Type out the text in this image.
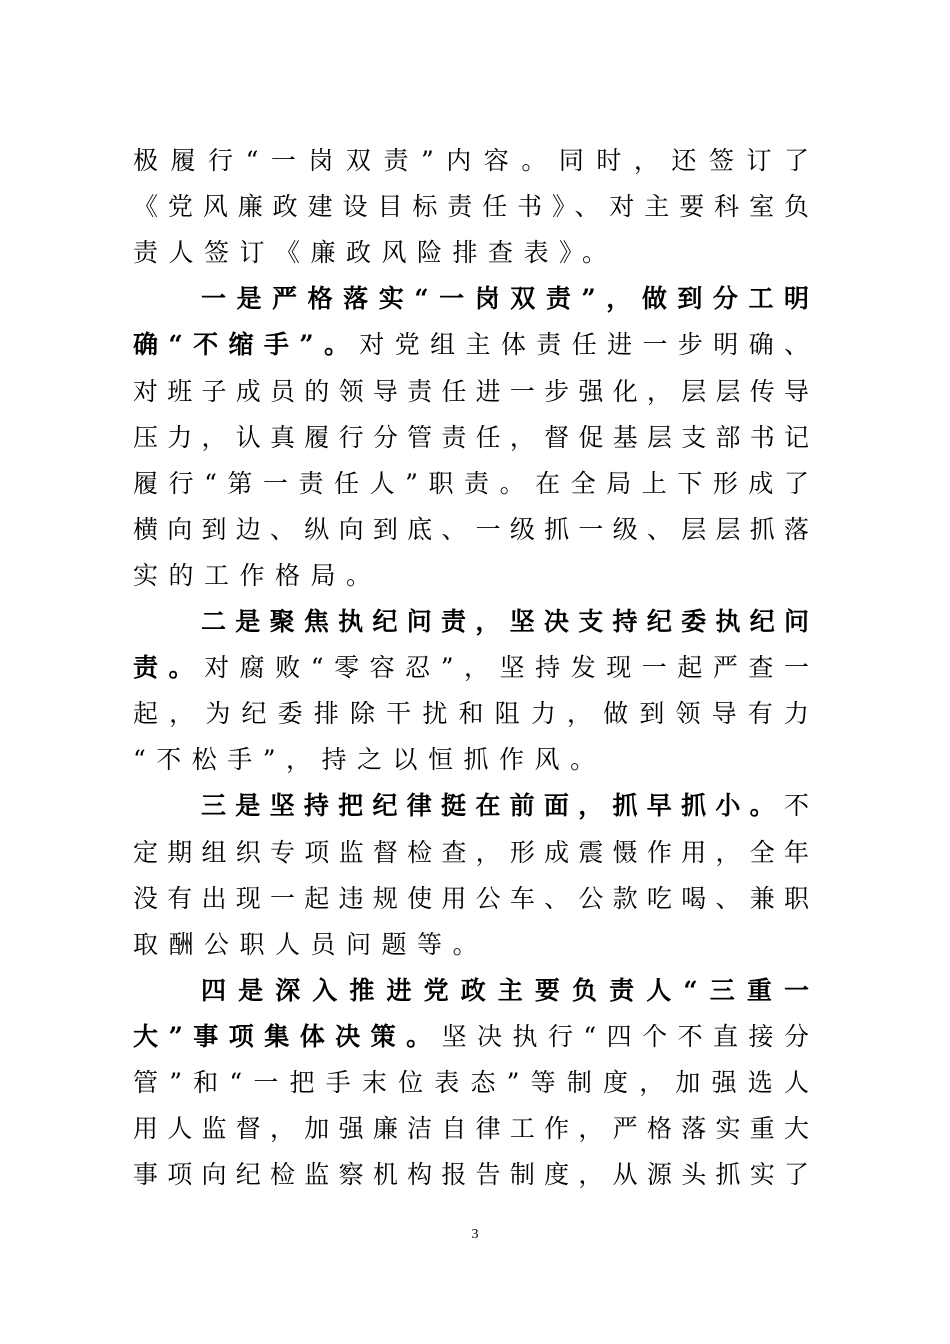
极履行“一岗双责”内容。同时，还签订了
《党风廉政建设目标责任书》、对主要科室负
责人签订《廉政风险排查表》。
一是严格落实“一岗双责”，做到分工明
确“不缩手”。对党组主体责任进一步明确、
对班子成员的领导责任进一步强化，层层传导
压力，认真履行分管责任，督促基层支部书记
履行“第一责任人”职责。在全局上下形成了
横向到边、纵向到底、一级抓一级、层层抓落
实的工作格局。
二是聚焦执纪问责，坚决支持纪委执纪问
责。对腐败“零容忍”，坚持发现一起严查一
起，为纪委排除干扰和阻力，做到领导有力
“不松手”，持之以恒抓作风。
三是坚持把纪律挺在前面，抓早抓小。不
定期组织专项监督检查，形成震慑作用，全年
没有出现一起违规使用公车、公款吃喝、兼职
取酬公职人员问题等。
四是深入推进党政主要负责人“三重一
大”事项集体决策。坚决执行“四个不直接分
管”和“一把手末位表态”等制度，加强选人
用人监督，加强廉洁自律工作，严格落实重大
事项向纪检监察机构报告制度，从源头抓实了
3
